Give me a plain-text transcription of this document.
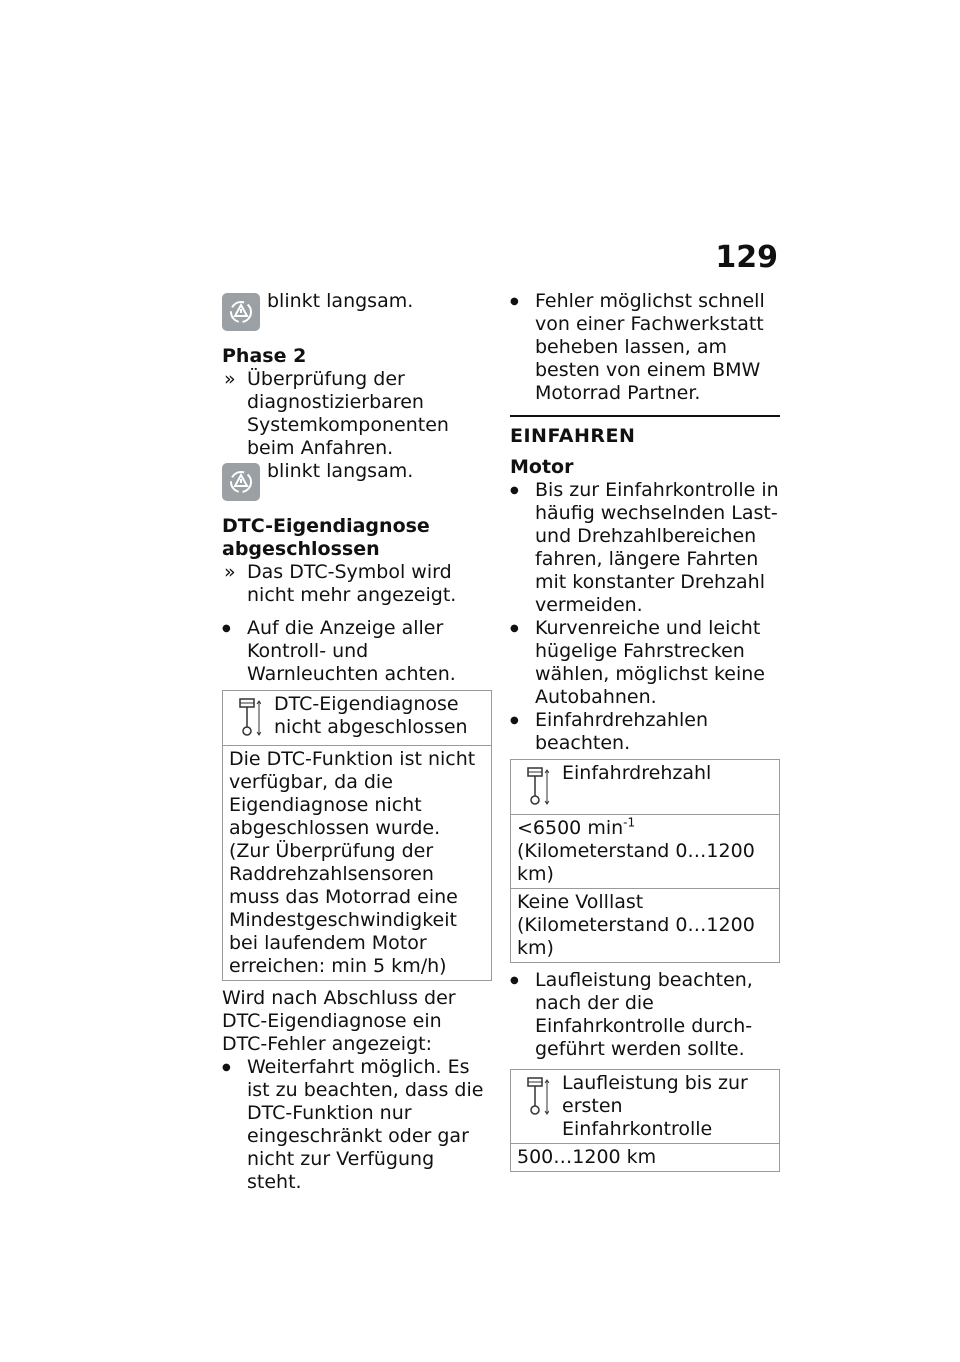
129
blinkt langsam.
Phase 2
» Überprüfung der diagnostizierbaren Systemkomponenten beim Anfahren.
blinkt langsam.
DTC-Eigendiagnose abgeschlossen
» Das DTC-Symbol wird nicht mehr angezeigt.
● Auf die Anzeige aller Kontroll- und Warnleuchten achten.
DTC-Eigendiagnose nicht abgeschlossen

Die DTC-Funktion ist nicht verfügbar, da die Eigendiagnose nicht abgeschlossen wurde. (Zur Überprüfung der Raddrehzahlsensoren muss das Motorrad eine Mindestgeschwindigkeit bei laufendem Motor erreichen: min 5 km/h)
Wird nach Abschluss der DTC-Eigendiagnose ein DTC-Fehler angezeigt:
● Weiterfahrt möglich. Es ist zu beachten, dass die DTC-Funktion nur eingeschränkt oder gar nicht zur Verfügung steht.
● Fehler möglichst schnell von einer Fachwerkstatt beheben lassen, am besten von einem BMW Motorrad Partner.
EINFAHREN
Motor
● Bis zur Einfahrkontrolle in häufig wechselnden Last- und Drehzahlbereichen fahren, längere Fahrten mit konstanter Drehzahl vermeiden.
● Kurvenreiche und leicht hügelige Fahrstrecken wählen, möglichst keine Autobahnen.
● Einfahrdrehzahlen beachten.
Einfahrdrehzahl

<6500 $\min^{-1}$ (Kilometerstand 0…1200 km)
Keine Volllast (Kilometerstand 0…1200 km)
● Laufleistung beachten, nach der die Einfahrkontrolle durchgeführt werden sollte.
Laufleistung bis zur ersten Einfahrkontrolle

500…1200 km
